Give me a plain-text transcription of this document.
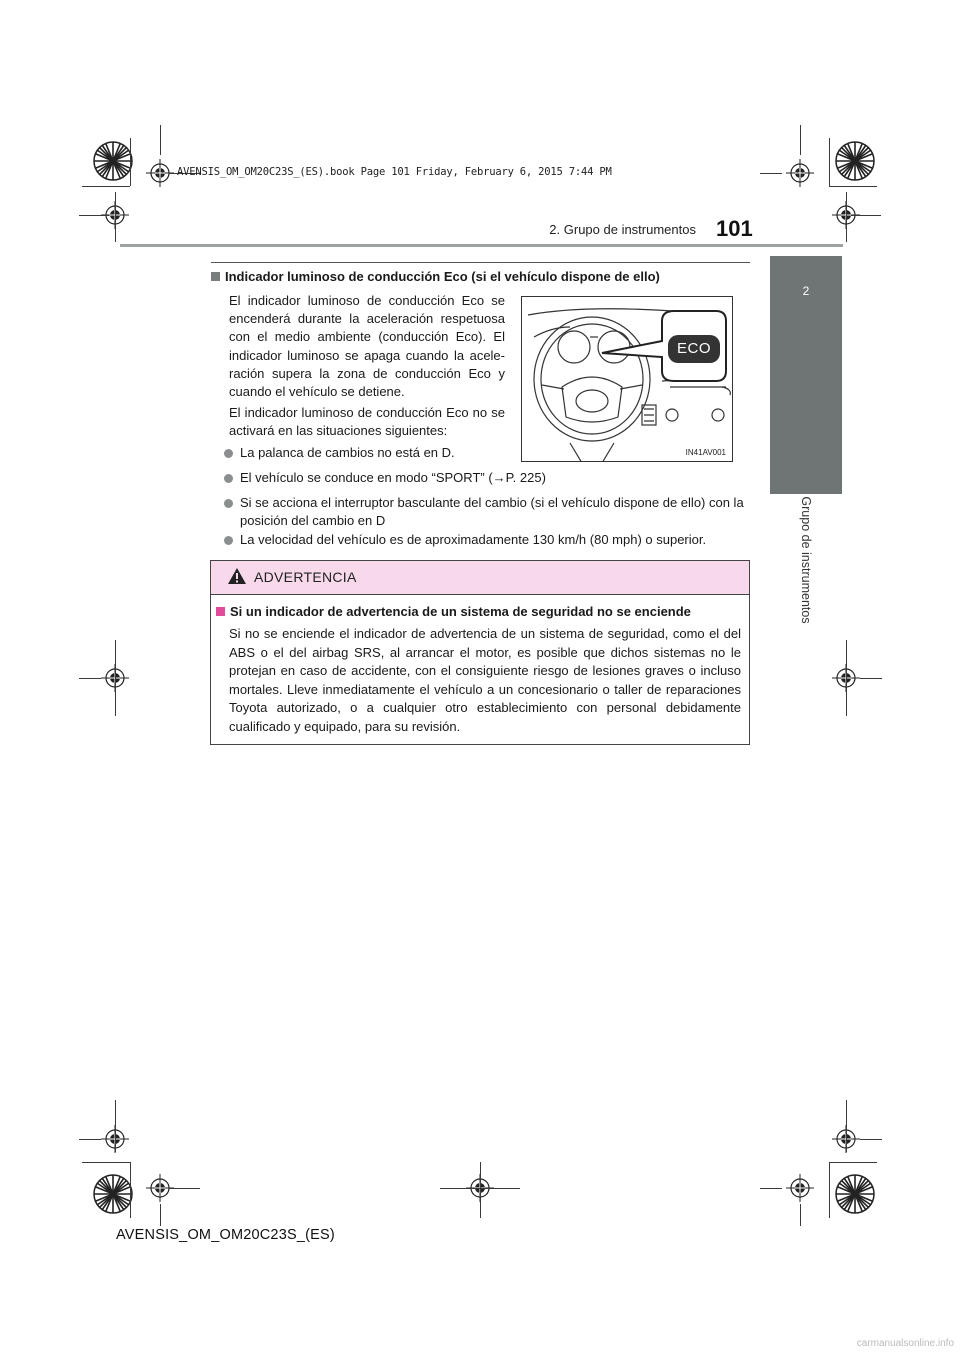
AVENSIS_OM_OM20C23S_(ES).book Page 101 Friday, February 6, 2015 7:44 PM
2. Grupo de instrumentos 101
2
Grupo de instrumentos
Indicador luminoso de conducción Eco (si el vehículo dispone de ello)

El indicador luminoso de conducción Eco se encenderá durante la aceleración respetuosa con el medio ambiente (conducción Eco). El indicador luminoso se apaga cuando la acele-ración supera la zona de conducción Eco y cuando el vehículo se detiene.

El indicador luminoso de conducción Eco no se activará en las situaciones siguientes:

ECO
IN41AV001
La palanca de cambios no está en D.
El vehículo se conduce en modo “SPORT” (→P. 225)
Si se acciona el interruptor basculante del cambio (si el vehículo dispone de ello) con la posición del cambio en D
La velocidad del vehículo es de aproximadamente 130 km/h (80 mph) o superior.
ADVERTENCIA
Si un indicador de advertencia de un sistema de seguridad no se enciende

Si no se enciende el indicador de advertencia de un sistema de seguridad, como el del ABS o el del airbag SRS, al arrancar el motor, es posible que dichos sistemas no le protejan en caso de accidente, con el consiguiente riesgo de lesiones graves o incluso mortales. Lleve inmediatamente el vehículo a un concesionario o taller de reparaciones Toyota autorizado, o a cualquier otro establecimiento con personal debidamente cualificado y equipado, para su revisión.

AVENSIS_OM_OM20C23S_(ES)
carmanualsonline.info
